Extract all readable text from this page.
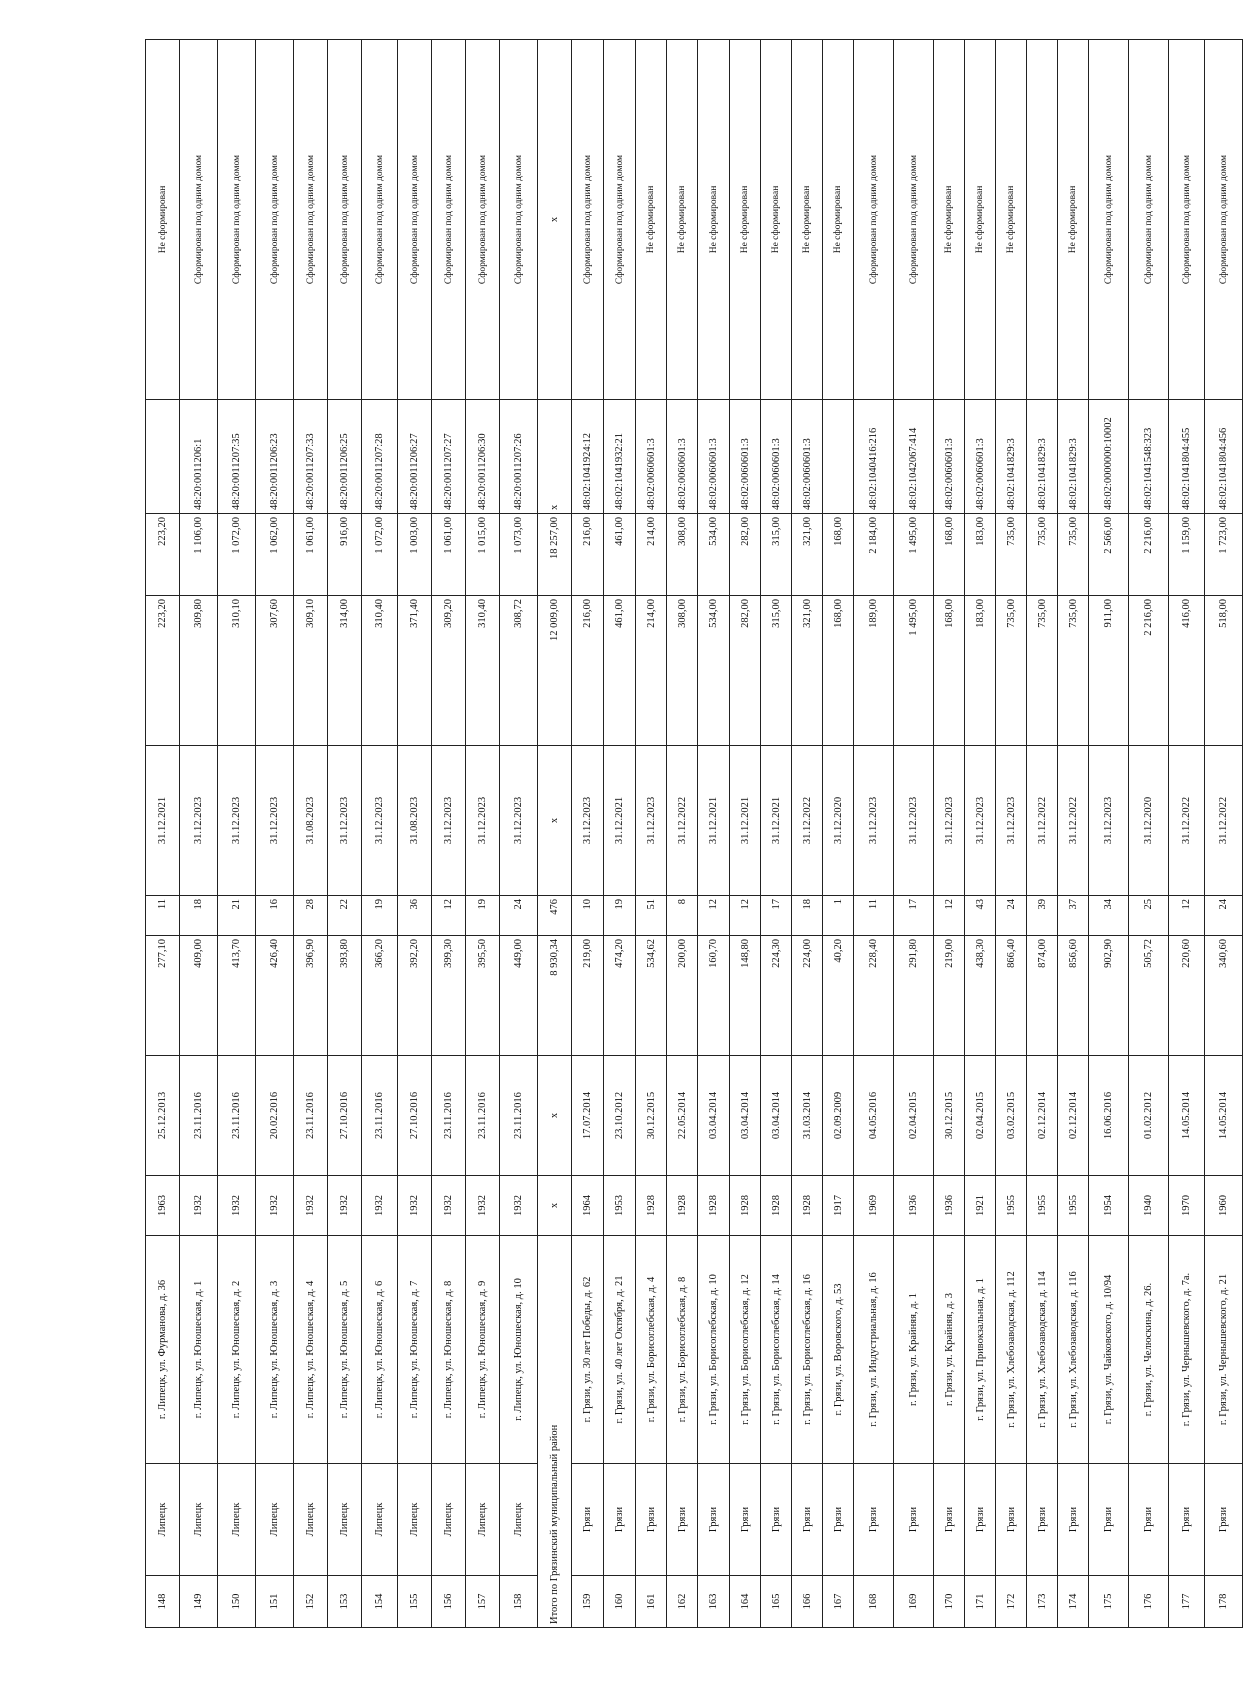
148	Липецк	г. Липецк, ул. Фурманова, д. 36	1963	25.12.2013	277,10	11	31.12.2021	223,20	223,20		Не сформирован
149	Липецк	г. Липецк, ул. Юношеская, д. 1	1932	23.11.2016	409,00	18	31.12.2023	309,80	1 106,00	48:20:0011206:1	Сформирован под одним домом
150	Липецк	г. Липецк, ул. Юношеская, д. 2	1932	23.11.2016	413,70	21	31.12.2023	310,10	1 072,00	48:20:0011207:35	Сформирован под одним домом
151	Липецк	г. Липецк, ул. Юношеская, д. 3	1932	20.02.2016	426,40	16	31.12.2023	307,60	1 062,00	48:20:0011206:23	Сформирован под одним домом
152	Липецк	г. Липецк, ул. Юношеская, д. 4	1932	23.11.2016	396,90	28	31.08.2023	309,10	1 061,00	48:20:0011207:33	Сформирован под одним домом
153	Липецк	г. Липецк, ул. Юношеская, д. 5	1932	27.10.2016	393,80	22	31.12.2023	314,00	916,00	48:20:0011206:25	Сформирован под одним домом
154	Липецк	г. Липецк, ул. Юношеская, д. 6	1932	23.11.2016	366,20	19	31.12.2023	310,40	1 072,00	48:20:0011207:28	Сформирован под одним домом
155	Липецк	г. Липецк, ул. Юношеская, д. 7	1932	27.10.2016	392,20	36	31.08.2023	371,40	1 003,00	48:20:0011206:27	Сформирован под одним домом
156	Липецк	г. Липецк, ул. Юношеская, д. 8	1932	23.11.2016	399,30	12	31.12.2023	309,20	1 061,00	48:20:0011207:27	Сформирован под одним домом
157	Липецк	г. Липецк, ул. Юношеская, д. 9	1932	23.11.2016	395,50	19	31.12.2023	310,40	1 015,00	48:20:0011206:30	Сформирован под одним домом
158	Липецк	г. Липецк, ул. Юношеская, д. 10	1932	23.11.2016	449,00	24	31.12.2023	308,72	1 073,00	48:20:0011207:26	Сформирован под одним домом
Итого по Грязинский муниципальный район			x	x	8 930,34	476	x	12 009,00	18 257,00	x	x
159	Грязи	г. Грязи, ул. 30 лет Победы, д. 62	1964	17.07.2014	219,00	10	31.12.2023	216,00	216,00	48:02:1041924:12	Сформирован под одним домом
160	Грязи	г. Грязи, ул. 40 лет Октября, д. 21	1953	23.10.2012	474,20	19	31.12.2021	461,00	461,00	48:02:1041932:21	Сформирован под одним домом
161	Грязи	г. Грязи, ул. Борисоглебская, д. 4	1928	30.12.2015	534,62	51	31.12.2023	214,00	214,00	48:02:0060601:3	Не сформирован
162	Грязи	г. Грязи, ул. Борисоглебская, д. 8	1928	22.05.2014	200,00	8	31.12.2022	308,00	308,00	48:02:0060601:3	Не сформирован
163	Грязи	г. Грязи, ул. Борисоглебская, д. 10	1928	03.04.2014	160,70	12	31.12.2021	534,00	534,00	48:02:0060601:3	Не сформирован
164	Грязи	г. Грязи, ул. Борисоглебская, д. 12	1928	03.04.2014	148,80	12	31.12.2021	282,00	282,00	48:02:0060601:3	Не сформирован
165	Грязи	г. Грязи, ул. Борисоглебская, д. 14	1928	03.04.2014	224,30	17	31.12.2021	315,00	315,00	48:02:0060601:3	Не сформирован
166	Грязи	г. Грязи, ул. Борисоглебская, д. 16	1928	31.03.2014	224,00	18	31.12.2022	321,00	321,00	48:02:0060601:3	Не сформирован
167	Грязи	г. Грязи, ул. Воровского, д. 53	1917	02.09.2009	40,20	1	31.12.2020	168,00	168,00		Не сформирован
168	Грязи	г. Грязи, ул. Индустриальная, д. 16	1969	04.05.2016	228,40	11	31.12.2023	189,00	2 184,00	48:02:1040416:216	Сформирован под одним домом
169	Грязи	г. Грязи, ул. Крайняя, д. 1	1936	02.04.2015	291,80	17	31.12.2023	1 495,00	1 495,00	48:02:1042067:414	Сформирован под одним домом
170	Грязи	г. Грязи, ул. Крайняя, д. 3	1936	30.12.2015	219,00	12	31.12.2023	168,00	168,00	48:02:0060601:3	Не сформирован
171	Грязи	г. Грязи, ул. Привокзальная, д. 1	1921	02.04.2015	438,30	43	31.12.2023	183,00	183,00	48:02:0060601:3	Не сформирован
172	Грязи	г. Грязи, ул. Хлебозаводская, д. 112	1955	03.02.2015	866,40	24	31.12.2023	735,00	735,00	48:02:1041829:3	Не сформирован
173	Грязи	г. Грязи, ул. Хлебозаводская, д. 114	1955	02.12.2014	874,00	39	31.12.2022	735,00	735,00	48:02:1041829:3	
174	Грязи	г. Грязи, ул. Хлебозаводская, д. 116	1955	02.12.2014	856,60	37	31.12.2022	735,00	735,00	48:02:1041829:3	Не сформирован
175	Грязи	г. Грязи, ул. Чайковского, д. 10/94	1954	16.06.2016	902,90	34	31.12.2023	911,00	2 566,00	48:02:0000000:10002	Сформирован под одним домом
176	Грязи	г. Грязи, ул. Челюскина, д. 26.	1940	01.02.2012	505,72	25	31.12.2020	2 216,00	2 216,00	48:02:1041548:323	Сформирован под одним домом
177	Грязи	г. Грязи, ул. Чернышевского, д. 7а.	1970	14.05.2014	220,60	12	31.12.2022	416,00	1 159,00	48:02:1041804:455	Сформирован под одним домом
178	Грязи	г. Грязи, ул. Чернышевского, д. 21	1960	14.05.2014	340,60	24	31.12.2022	518,00	1 723,00	48:02:1041804:456	Сформирован под одним домом
